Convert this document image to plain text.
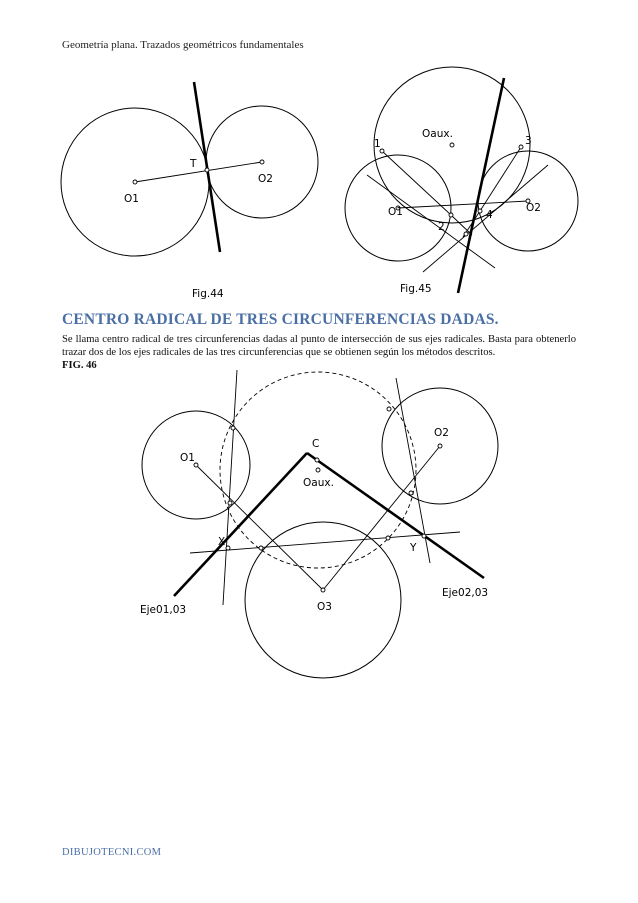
Geometría plana. Trazados geométricos fundamentales
T
O1
O2
Fig.44
Oaux.
1	3
O1	O2
2
4
Fig.45
O1
O2
C
Oaux.
X	Y
O3
Eje01,03
Eje02,03
CENTRO RADICAL DE TRES CIRCUNFERENCIAS DADAS.
Se llama centro radical de tres circunferencias dadas al punto de intersección de sus ejes radicales. Basta para obtenerlo trazar dos de los ejes radicales de las tres circunferencias que se obtienen según los métodos descritos.
FIG. 46
DIBUJOTECNI.COM
